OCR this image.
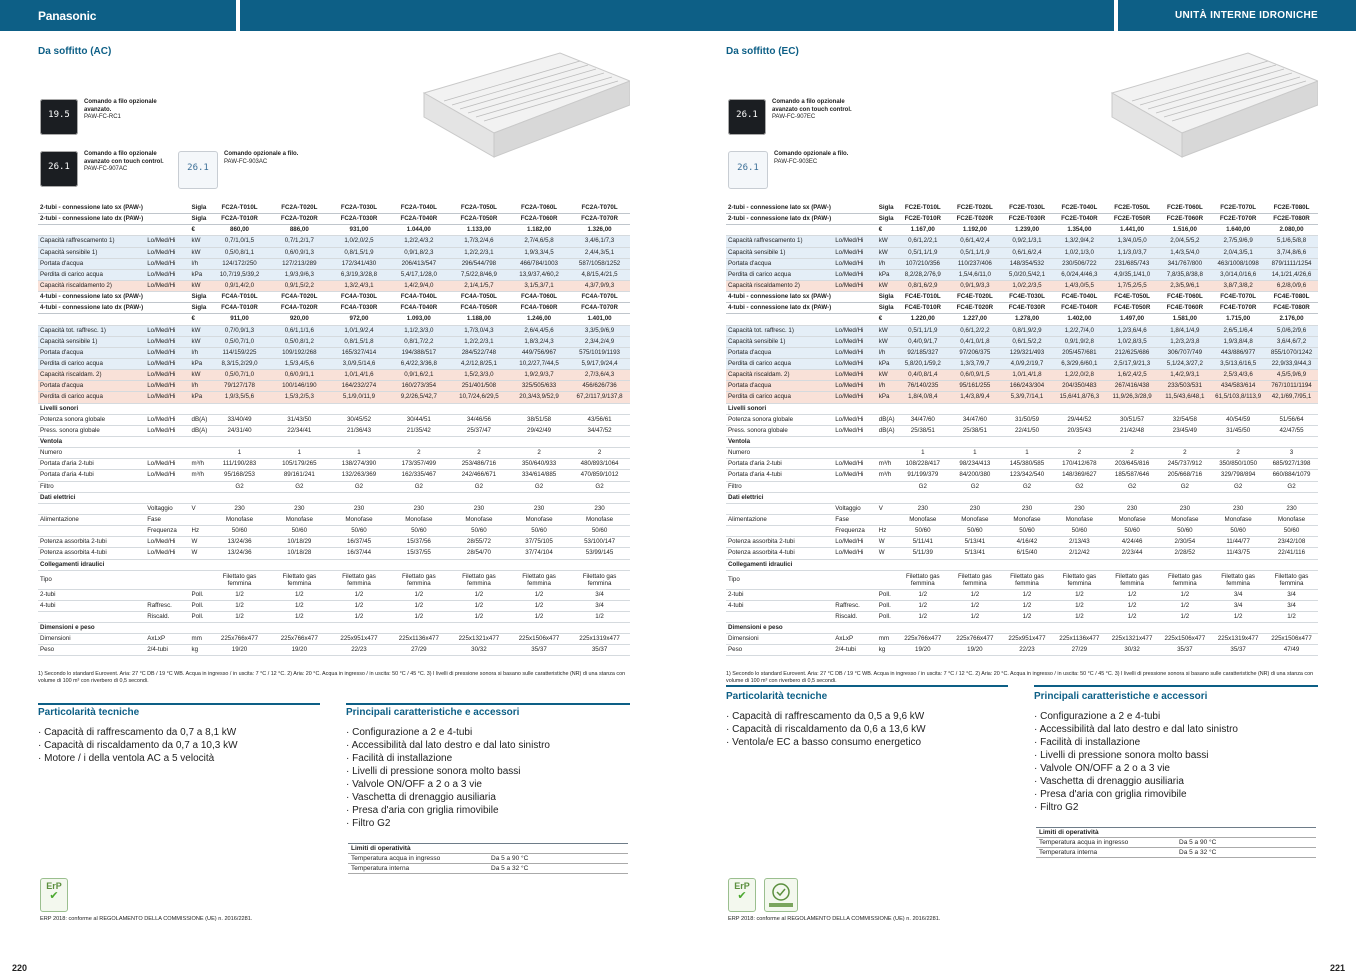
Panasonic	UNITÀ INTERNE IDRONICHE
Da soffitto (AC)
19.5
Comando a filo opzionale avanzato.
PAW-FC-RC1
26.1
Comando a filo opzionale avanzato con touch control.
PAW-FC-907AC	26.1
Comando opzionale a filo.
PAW-FC-903AC
2-tubi - connessione lato sx (PAW-)		Sigla	FC2A-T010L	FC2A-T020L	FC2A-T030L	FC2A-T040L	FC2A-T050L	FC2A-T060L	FC2A-T070L
2-tubi - connessione lato dx (PAW-)		Sigla	FC2A-T010R	FC2A-T020R	FC2A-T030R	FC2A-T040R	FC2A-T050R	FC2A-T060R	FC2A-T070R
		€	860,00	886,00	931,00	1.044,00	1.133,00	1.182,00	1.326,00
Capacità raffrescamento 1)	Lo/Med/Hi	kW	0,7/1,0/1,5	0,7/1,2/1,7	1,0/2,0/2,5	1,2/2,4/3,2	1,7/3,2/4,6	2,7/4,6/5,8	3,4/6,1/7,3
Capacità sensibile 1)	Lo/Med/Hi	kW	0,5/0,8/1,1	0,6/0,9/1,3	0,8/1,5/1,9	0,9/1,8/2,3	1,2/2,2/3,1	1,9/3,3/4,5	2,4/4,3/5,1
Portata d'acqua	Lo/Med/Hi	l/h	124/172/250	127/213/289	172/341/430	206/413/547	296/544/798	466/784/1003	587/1058/1252
Perdita di carico acqua	Lo/Med/Hi	kPa	10,7/19,5/39,2	1,9/3,9/6,3	6,3/19,3/28,8	5,4/17,1/28,0	7,5/22,8/46,9	13,9/37,4/60,2	4,8/15,4/21,5
Capacità riscaldamento 2)	Lo/Med/Hi	kW	0,9/1,4/2,0	0,9/1,5/2,2	1,3/2,4/3,1	1,4/2,9/4,0	2,1/4,1/5,7	3,1/5,3/7,1	4,3/7,9/9,3
4-tubi - connessione lato sx (PAW-)		Sigla	FC4A-T010L	FC4A-T020L	FC4A-T030L	FC4A-T040L	FC4A-T050L	FC4A-T060L	FC4A-T070L
4-tubi - connessione lato dx (PAW-)		Sigla	FC4A-T010R	FC4A-T020R	FC4A-T030R	FC4A-T040R	FC4A-T050R	FC4A-T060R	FC4A-T070R
		€	911,00	920,00	972,00	1.093,00	1.188,00	1.246,00	1.401,00
Capacità tot. raffresc. 1)	Lo/Med/Hi	kW	0,7/0,9/1,3	0,6/1,1/1,6	1,0/1,9/2,4	1,1/2,3/3,0	1,7/3,0/4,3	2,6/4,4/5,6	3,3/5,9/6,9
Capacità sensibile 1)	Lo/Med/Hi	kW	0,5/0,7/1,0	0,5/0,8/1,2	0,8/1,5/1,8	0,8/1,7/2,2	1,2/2,2/3,1	1,8/3,2/4,3	2,3/4,2/4,9
Portata d'acqua	Lo/Med/Hi	l/h	114/159/225	109/192/268	165/327/414	194/388/517	284/522/748	449/756/967	575/1019/1193
Perdita di carico acqua	Lo/Med/Hi	kPa	8,3/15,2/29,0	1,5/3,4/5,6	3,0/9,5/14,6	6,4/22,3/36,8	4,2/12,8/25,1	10,2/27,7/44,5	5,9/17,9/24,4
Capacità riscaldam. 2)	Lo/Med/Hi	kW	0,5/0,7/1,0	0,6/0,9/1,1	1,0/1,4/1,6	0,9/1,6/2,1	1,5/2,3/3,0	1,9/2,9/3,7	2,7/3,6/4,3
Portata d'acqua	Lo/Med/Hi	l/h	79/127/178	100/146/190	164/232/274	160/273/354	251/401/508	325/505/633	456/626/736
Perdita di carico acqua	Lo/Med/Hi	kPa	1,9/3,5/5,6	1,5/3,2/5,3	5,1/9,0/11,9	9,2/26,5/42,7	10,7/24,6/29,5	20,3/43,9/52,9	67,2/117,9/137,8
Livelli sonori									
Potenza sonora globale	Lo/Med/Hi	dB(A)	33/40/49	31/43/50	30/45/52	30/44/51	34/46/56	38/51/58	43/56/61
Press. sonora globale	Lo/Med/Hi	dB(A)	24/31/40	22/34/41	21/36/43	21/35/42	25/37/47	29/42/49	34/47/52
Ventola									
Numero			1	1	1	2	2	2	2
Portata d'aria 2-tubi	Lo/Med/Hi	m³/h	111/190/283	105/179/265	138/274/390	173/357/499	253/486/716	350/640/933	480/893/1064
Portata d'aria 4-tubi	Lo/Med/Hi	m³/h	95/168/253	89/161/241	132/263/369	162/335/467	242/466/671	334/614/885	470/859/1012
Filtro			G2	G2	G2	G2	G2	G2	G2
Dati elettrici									
	Voltaggio	V	230	230	230	230	230	230	230
Alimentazione	Fase		Monofase	Monofase	Monofase	Monofase	Monofase	Monofase	Monofase
	Frequenza	Hz	50/60	50/60	50/60	50/60	50/60	50/60	50/60
Potenza assorbita 2-tubi	Lo/Med/Hi	W	13/24/36	10/18/29	16/37/45	15/37/56	28/55/72	37/75/105	53/100/147
Potenza assorbita 4-tubi	Lo/Med/Hi	W	13/24/36	10/18/28	16/37/44	15/37/55	28/54/70	37/74/104	53/99/145
Collegamenti idraulici									
Tipo			Filettato gas femmina	Filettato gas femmina	Filettato gas femmina	Filettato gas femmina	Filettato gas femmina	Filettato gas femmina	Filettato gas femmina
2-tubi		Poll.	1/2	1/2	1/2	1/2	1/2	1/2	3/4
4-tubi	Raffresc.	Poll.	1/2	1/2	1/2	1/2	1/2	1/2	3/4
	Riscald.	Poll.	1/2	1/2	1/2	1/2	1/2	1/2	1/2
Dimensioni e peso									
Dimensioni	AxLxP	mm	225x766x477	225x766x477	225x951x477	225x1136x477	225x1321x477	225x1506x477	225x1319x477
Peso	2/4-tubi	kg	19/20	19/20	22/23	27/29	30/32	35/37	35/37
1) Secondo lo standard Eurovent. Aria: 27 °C DB / 19 °C WB. Acqua in ingresso / in uscita: 7 °C / 12 °C. 2) Aria: 20 °C. Acqua in ingresso / in uscita: 50 °C / 45 °C. 3) I livelli di pressione sonora si basano sulle caratteristiche (NR) di una stanza con volume di 100 m³ con riverbero di 0,5 secondi.
Particolarità tecniche
· Capacità di raffrescamento da 0,7 a 8,1 kW
· Capacità di riscaldamento da 0,7 a 10,3 kW
· Motore / i della ventola AC a 5 velocità
Principali caratteristiche e accessori
· Configurazione a 2 e 4-tubi
· Accessibilità dal lato destro e dal lato sinistro
· Facilità di installazione
· Livelli di pressione sonora molto bassi
· Valvole ON/OFF a 2 o a 3 vie
· Vaschetta di drenaggio ausiliaria
· Presa d'aria con griglia rimovibile
· Filtro G2
Limiti di operatività
Temperatura acqua in ingresso	Da 5 a 90 °C
Temperatura interna	Da 5 a 32 °C
ErP
✔
ERP 2018: conforme al REGOLAMENTO DELLA COMMISSIONE (UE) n. 2016/2281.
220
Da soffitto (EC)
26.1
Comando a filo opzionale avanzato con touch control.
PAW-FC-907EC
26.1
Comando opzionale a filo.
PAW-FC-903EC
2-tubi - connessione lato sx (PAW-)		Sigla	FC2E-T010L	FC2E-T020L	FC2E-T030L	FC2E-T040L	FC2E-T050L	FC2E-T060L	FC2E-T070L	FC2E-T080L
2-tubi - connessione lato dx (PAW-)		Sigla	FC2E-T010R	FC2E-T020R	FC2E-T030R	FC2E-T040R	FC2E-T050R	FC2E-T060R	FC2E-T070R	FC2E-T080R
		€	1.167,00	1.192,00	1.239,00	1.354,00	1.441,00	1.516,00	1.640,00	2.080,00
Capacità raffrescamento 1)	Lo/Med/Hi	kW	0,6/1,2/2,1	0,6/1,4/2,4	0,9/2,1/3,1	1,3/2,9/4,2	1,3/4,0/5,0	2,0/4,5/5,2	2,7/5,9/6,9	5,1/6,5/8,8
Capacità sensibile 1)	Lo/Med/Hi	kW	0,5/1,1/1,9	0,5/1,1/1,9	0,6/1,6/2,4	1,0/2,1/3,0	1,1/3,0/3,7	1,4/3,5/4,0	2,0/4,3/5,1	3,7/4,8/6,6
Portata d'acqua	Lo/Med/Hi	l/h	107/210/356	110/237/406	148/354/532	230/506/722	231/685/743	341/767/800	463/1008/1098	879/1111/1254
Perdita di carico acqua	Lo/Med/Hi	kPa	8,2/28,2/76,9	1,5/4,6/11,0	5,0/20,5/42,1	6,0/24,4/46,3	4,9/35,1/41,0	7,8/35,8/38,8	3,0/14,0/16,6	14,1/21,4/26,6
Capacità riscaldamento 2)	Lo/Med/Hi	kW	0,8/1,6/2,9	0,9/1,9/3,3	1,0/2,2/3,5	1,4/3,0/5,5	1,7/5,2/5,5	2,3/5,9/6,1	3,8/7,3/8,2	6,2/8,0/9,6
4-tubi - connessione lato sx (PAW-)		Sigla	FC4E-T010L	FC4E-T020L	FC4E-T030L	FC4E-T040L	FC4E-T050L	FC4E-T060L	FC4E-T070L	FC4E-T080L
4-tubi - connessione lato dx (PAW-)		Sigla	FC4E-T010R	FC4E-T020R	FC4E-T030R	FC4E-T040R	FC4E-T050R	FC4E-T060R	FC4E-T070R	FC4E-T080R
		€	1.220,00	1.227,00	1.278,00	1.402,00	1.497,00	1.581,00	1.715,00	2.176,00
Capacità tot. raffresc. 1)	Lo/Med/Hi	kW	0,5/1,1/1,9	0,6/1,2/2,2	0,8/1,9/2,9	1,2/2,7/4,0	1,2/3,6/4,6	1,8/4,1/4,9	2,6/5,1/6,4	5,0/6,2/9,6
Capacità sensibile 1)	Lo/Med/Hi	kW	0,4/0,9/1,7	0,4/1,0/1,8	0,6/1,5/2,2	0,9/1,9/2,8	1,0/2,8/3,5	1,2/3,2/3,8	1,9/3,8/4,8	3,6/4,6/7,2
Portata d'acqua	Lo/Med/Hi	l/h	92/185/327	97/206/375	129/321/493	205/457/681	212/625/686	306/707/749	443/886/977	855/1070/1242
Perdita di carico acqua	Lo/Med/Hi	kPa	5,8/20,1/59,2	1,3/3,7/9,7	4,0/9,2/19,7	6,3/29,6/60,1	2,5/17,9/21,3	5,1/24,3/27,2	3,5/13,6/16,5	22,9/33,9/44,3
Capacità riscaldam. 2)	Lo/Med/Hi	kW	0,4/0,8/1,4	0,6/0,9/1,5	1,0/1,4/1,8	1,2/2,0/2,8	1,6/2,4/2,5	1,4/2,9/3,1	2,5/3,4/3,6	4,5/5,9/6,9
Portata d'acqua	Lo/Med/Hi	l/h	76/140/235	95/161/255	166/243/304	204/350/483	267/416/438	233/503/531	434/583/614	767/1011/1194
Perdita di carico acqua	Lo/Med/Hi	kPa	1,8/4,0/8,4	1,4/3,8/9,4	5,3/9,7/14,1	15,6/41,8/76,3	11,9/26,3/28,9	11,5/43,6/48,1	61,5/103,8/113,9	42,1/69,7/95,1
Livelli sonori										
Potenza sonora globale	Lo/Med/Hi	dB(A)	34/47/60	34/47/60	31/50/59	29/44/52	30/51/57	32/54/58	40/54/59	51/56/64
Press. sonora globale	Lo/Med/Hi	dB(A)	25/38/51	25/38/51	22/41/50	20/35/43	21/42/48	23/45/49	31/45/50	42/47/55
Ventola										
Numero			1	1	1	2	2	2	2	3
Portata d'aria 2-tubi	Lo/Med/Hi	m³/h	108/228/417	98/234/413	145/380/585	170/412/678	203/645/816	245/737/912	350/850/1050	685/927/1398
Portata d'aria 4-tubi	Lo/Med/Hi	m³/h	91/199/379	84/200/380	123/342/540	148/369/627	185/587/646	205/668/716	329/798/894	660/884/1079
Filtro			G2	G2	G2	G2	G2	G2	G2	G2
Dati elettrici										
	Voltaggio	V	230	230	230	230	230	230	230	230
Alimentazione	Fase		Monofase	Monofase	Monofase	Monofase	Monofase	Monofase	Monofase	Monofase
	Frequenza	Hz	50/60	50/60	50/60	50/60	50/60	50/60	50/60	50/60
Potenza assorbita 2-tubi	Lo/Med/Hi	W	5/11/41	5/13/41	4/16/42	2/13/43	4/24/46	2/30/54	11/44/77	23/42/108
Potenza assorbita 4-tubi	Lo/Med/Hi	W	5/11/39	5/13/41	6/15/40	2/12/42	2/23/44	2/28/52	11/43/75	22/41/116
Collegamenti idraulici										
Tipo			Filettato gas femmina	Filettato gas femmina	Filettato gas femmina	Filettato gas femmina	Filettato gas femmina	Filettato gas femmina	Filettato gas femmina	Filettato gas femmina
2-tubi		Poll.	1/2	1/2	1/2	1/2	1/2	1/2	3/4	3/4
4-tubi	Raffresc.	Poll.	1/2	1/2	1/2	1/2	1/2	1/2	3/4	3/4
	Riscald.	Poll.	1/2	1/2	1/2	1/2	1/2	1/2	1/2	1/2
Dimensioni e peso										
Dimensioni	AxLxP	mm	225x766x477	225x766x477	225x951x477	225x1136x477	225x1321x477	225x1506x477	225x1319x477	225x1506x477
Peso	2/4-tubi	kg	19/20	19/20	22/23	27/29	30/32	35/37	35/37	47/49
1) Secondo lo standard Eurovent. Aria: 27 °C DB / 19 °C WB. Acqua in ingresso / in uscita: 7 °C / 12 °C. 2) Aria: 20 °C. Acqua in ingresso / in uscita: 50 °C / 45 °C. 3) I livelli di pressione sonora si basano sulle caratteristiche (NR) di una stanza con volume di 100 m³ con riverbero di 0,5 secondi.
Particolarità tecniche
· Capacità di raffrescamento da 0,5 a 9,6 kW
· Capacità di riscaldamento da 0,6 a 13,6 kW
· Ventola/e EC a basso consumo energetico
Principali caratteristiche e accessori
· Configurazione a 2 e 4-tubi
· Accessibilità dal lato destro e dal lato sinistro
· Facilità di installazione
· Livelli di pressione sonora molto bassi
· Valvole ON/OFF a 2 o a 3 vie
· Vaschetta di drenaggio ausiliaria
· Presa d'aria con griglia rimovibile
· Filtro G2
Limiti di operatività
Temperatura acqua in ingresso	Da 5 a 90 °C
Temperatura interna	Da 5 a 32 °C
ErP
✔
ERP 2018: conforme al REGOLAMENTO DELLA COMMISSIONE (UE) n. 2016/2281.
221
